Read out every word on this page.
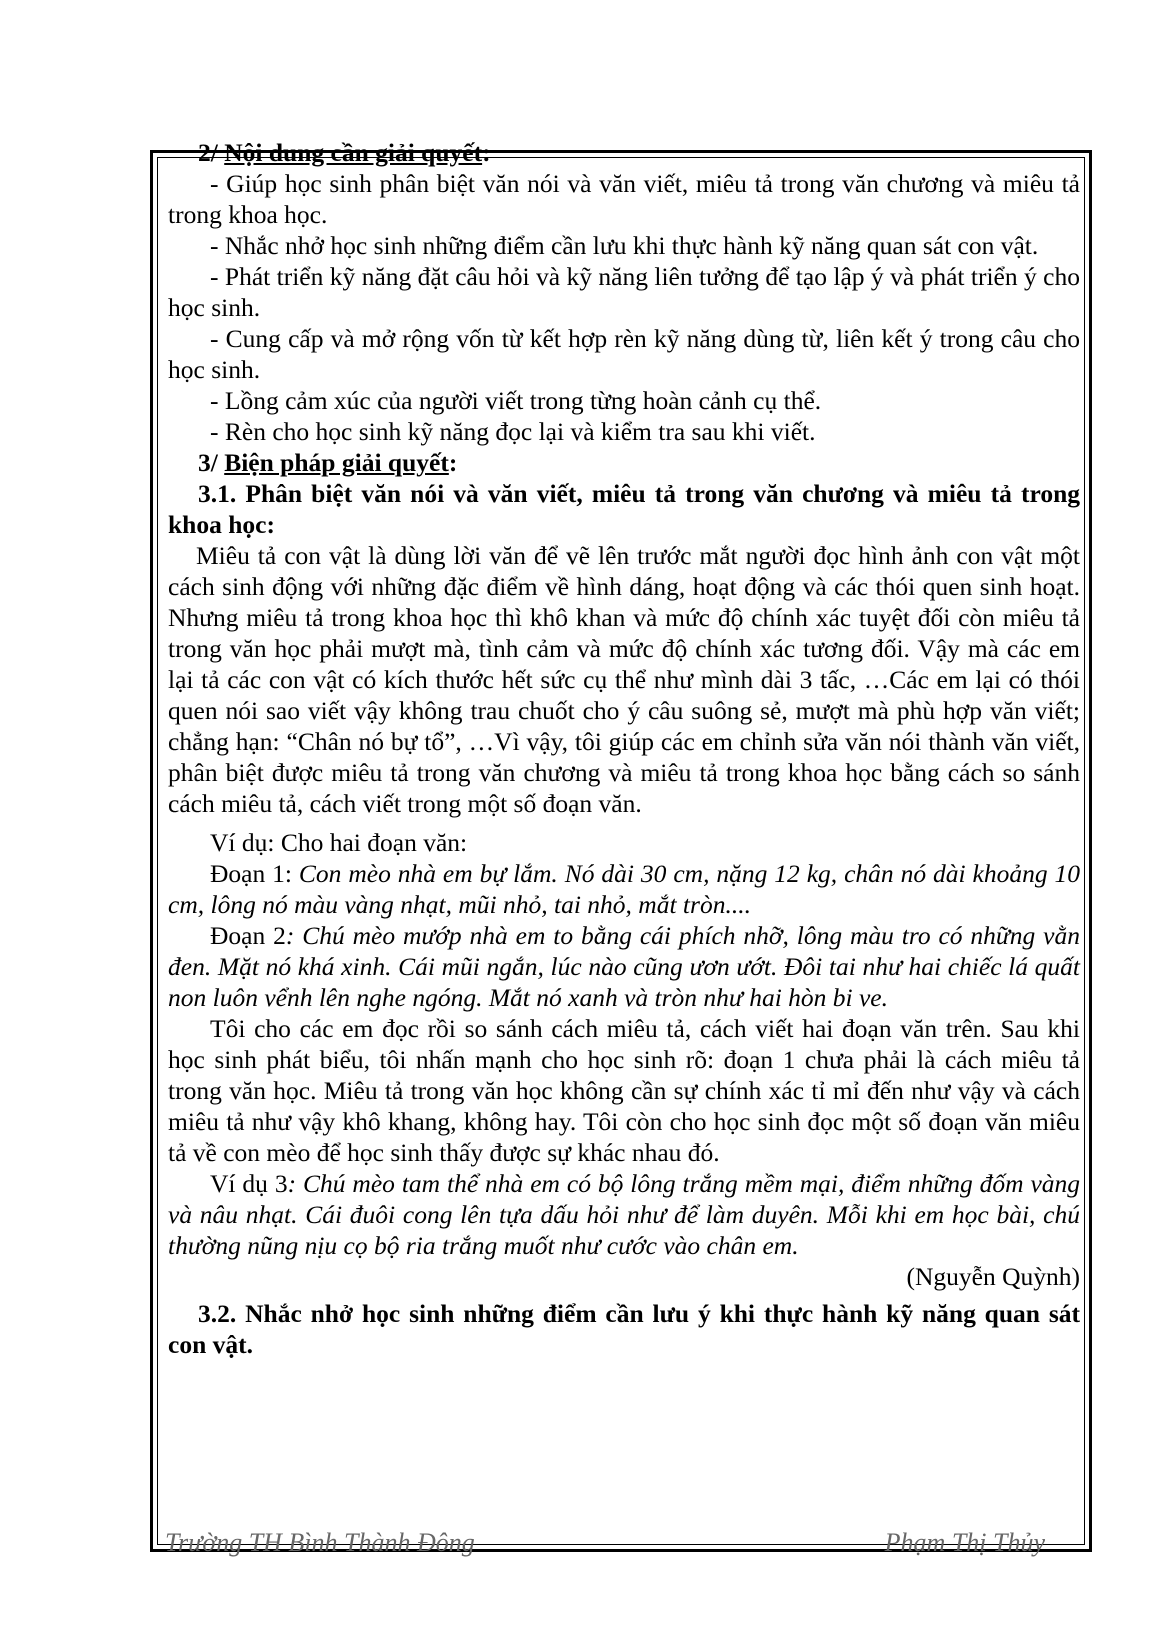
2/ Nội dung cần giải quyết:

- Giúp học sinh phân biệt văn nói và văn viết, miêu tả trong văn chương và miêu tả trong khoa học.

- Nhắc nhở học sinh những điểm cần lưu khi thực hành kỹ năng quan sát con vật.

- Phát triển kỹ năng đặt câu hỏi và kỹ năng liên tưởng để tạo lập ý và phát triển ý cho học sinh.

- Cung cấp và mở rộng vốn từ kết hợp rèn kỹ năng dùng từ, liên kết ý trong câu cho học sinh.

- Lồng cảm xúc của người viết trong từng hoàn cảnh cụ thể.

- Rèn cho học sinh kỹ năng đọc lại và kiểm tra sau khi viết.

3/ Biện pháp giải quyết:

3.1. Phân biệt văn nói và văn viết, miêu tả trong văn chương và miêu tả trong khoa học:

Miêu tả con vật là dùng lời văn để vẽ lên trước mắt người đọc hình ảnh con vật một cách sinh động với những đặc điểm về hình dáng, hoạt động và các thói quen sinh hoạt. Nhưng miêu tả trong khoa học thì khô khan và mức độ chính xác tuyệt đối còn miêu tả trong văn học phải mượt mà, tình cảm và mức độ chính xác tương đối. Vậy mà các em lại tả các con vật có kích thước hết sức cụ thể như mình dài 3 tấc, …Các em lại có thói quen nói sao viết vậy không trau chuốt cho ý câu suông sẻ, mượt mà phù hợp văn viết; chẳng hạn: “Chân nó bự tổ”, …Vì vậy, tôi giúp các em chỉnh sửa văn nói thành văn viết, phân biệt được miêu tả trong văn chương và miêu tả trong khoa học bằng cách so sánh cách miêu tả, cách viết trong một số đoạn văn.

Ví dụ: Cho hai đoạn văn:

Đoạn 1: Con mèo nhà em bự lắm. Nó dài 30 cm, nặng 12 kg, chân nó dài khoảng 10 cm, lông nó màu vàng nhạt, mũi nhỏ, tai nhỏ, mắt tròn....

Đoạn 2: Chú mèo mướp nhà em to bằng cái phích nhỡ, lông màu tro có những vằn đen. Mặt nó khá xinh. Cái mũi ngắn, lúc nào cũng ươn ướt. Đôi tai như hai chiếc lá quất non luôn vểnh lên nghe ngóng. Mắt nó xanh và tròn như hai hòn bi ve.

Tôi cho các em đọc rồi so sánh cách miêu tả, cách viết hai đoạn văn trên. Sau khi học sinh phát biểu, tôi nhấn mạnh cho học sinh rõ: đoạn 1 chưa phải là cách miêu tả trong văn học. Miêu tả trong văn học không cần sự chính xác tỉ mỉ đến như vậy và cách miêu tả như vậy khô khang, không hay. Tôi còn cho học sinh đọc một số đoạn văn miêu tả về con mèo để học sinh thấy được sự khác nhau đó.

Ví dụ 3: Chú mèo tam thể nhà em có bộ lông trắng mềm mại, điểm những đốm vàng và nâu nhạt. Cái đuôi cong lên tựa dấu hỏi như để làm duyên. Mỗi khi em học bài, chú thường nũng nịu cọ bộ ria trắng muốt như cước vào chân em.

(Nguyễn Quỳnh)

3.2. Nhắc nhở học sinh những điểm cần lưu ý khi thực hành kỹ năng quan sát con vật.

Trường TH Bình Thành Đông	Phạm Thị Thủy
